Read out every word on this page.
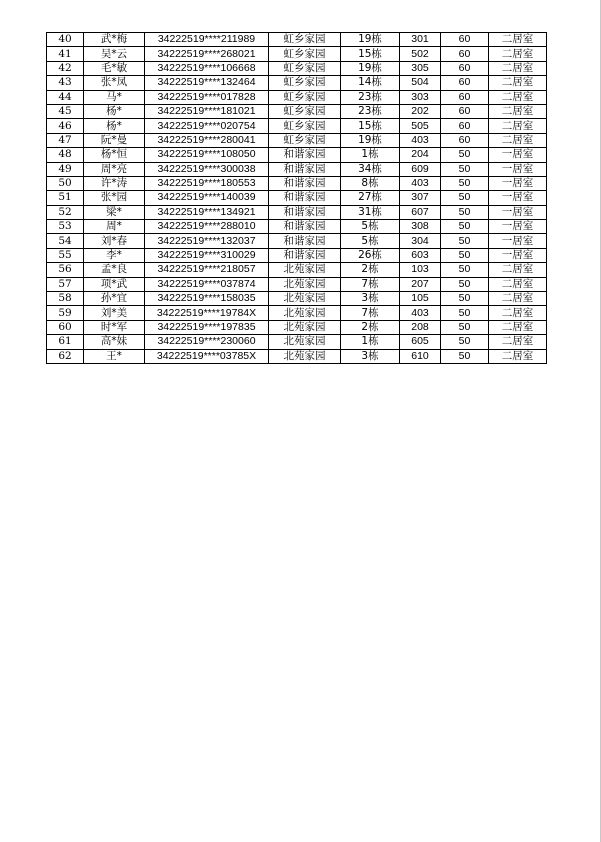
40	武*梅	34222519****211989	虹乡家园	19栋	301	60	二居室
41	吴*云	34222519****268021	虹乡家园	15栋	502	60	二居室
42	毛*敏	34222519****106668	虹乡家园	19栋	305	60	二居室
43	张*凤	34222519****132464	虹乡家园	14栋	504	60	二居室
44	马*	34222519****017828	虹乡家园	23栋	303	60	二居室
45	杨*	34222519****181021	虹乡家园	23栋	202	60	二居室
46	杨*	34222519****020754	虹乡家园	15栋	505	60	二居室
47	阮*曼	34222519****280041	虹乡家园	19栋	403	60	二居室
48	杨*恒	34222519****108050	和谐家园	1栋	204	50	一居室
49	周*亮	34222519****300038	和谐家园	34栋	609	50	一居室
50	许*涛	34222519****180553	和谐家园	8栋	403	50	一居室
51	张*园	34222519****140039	和谐家园	27栋	307	50	一居室
52	梁*	34222519****134921	和谐家园	31栋	607	50	一居室
53	周*	34222519****288010	和谐家园	5栋	308	50	一居室
54	刘*春	34222519****132037	和谐家园	5栋	304	50	一居室
55	李*	34222519****310029	和谐家园	26栋	603	50	一居室
56	孟*良	34222519****218057	北苑家园	2栋	103	50	二居室
57	项*武	34222519****037874	北苑家园	7栋	207	50	二居室
58	孙*宜	34222519****158035	北苑家园	3栋	105	50	二居室
59	刘*美	34222519****19784X	北苑家园	7栋	403	50	二居室
60	时*军	34222519****197835	北苑家园	2栋	208	50	二居室
61	高*妹	34222519****230060	北苑家园	1栋	605	50	二居室
62	王*	34222519****03785X	北苑家园	3栋	610	50	二居室
